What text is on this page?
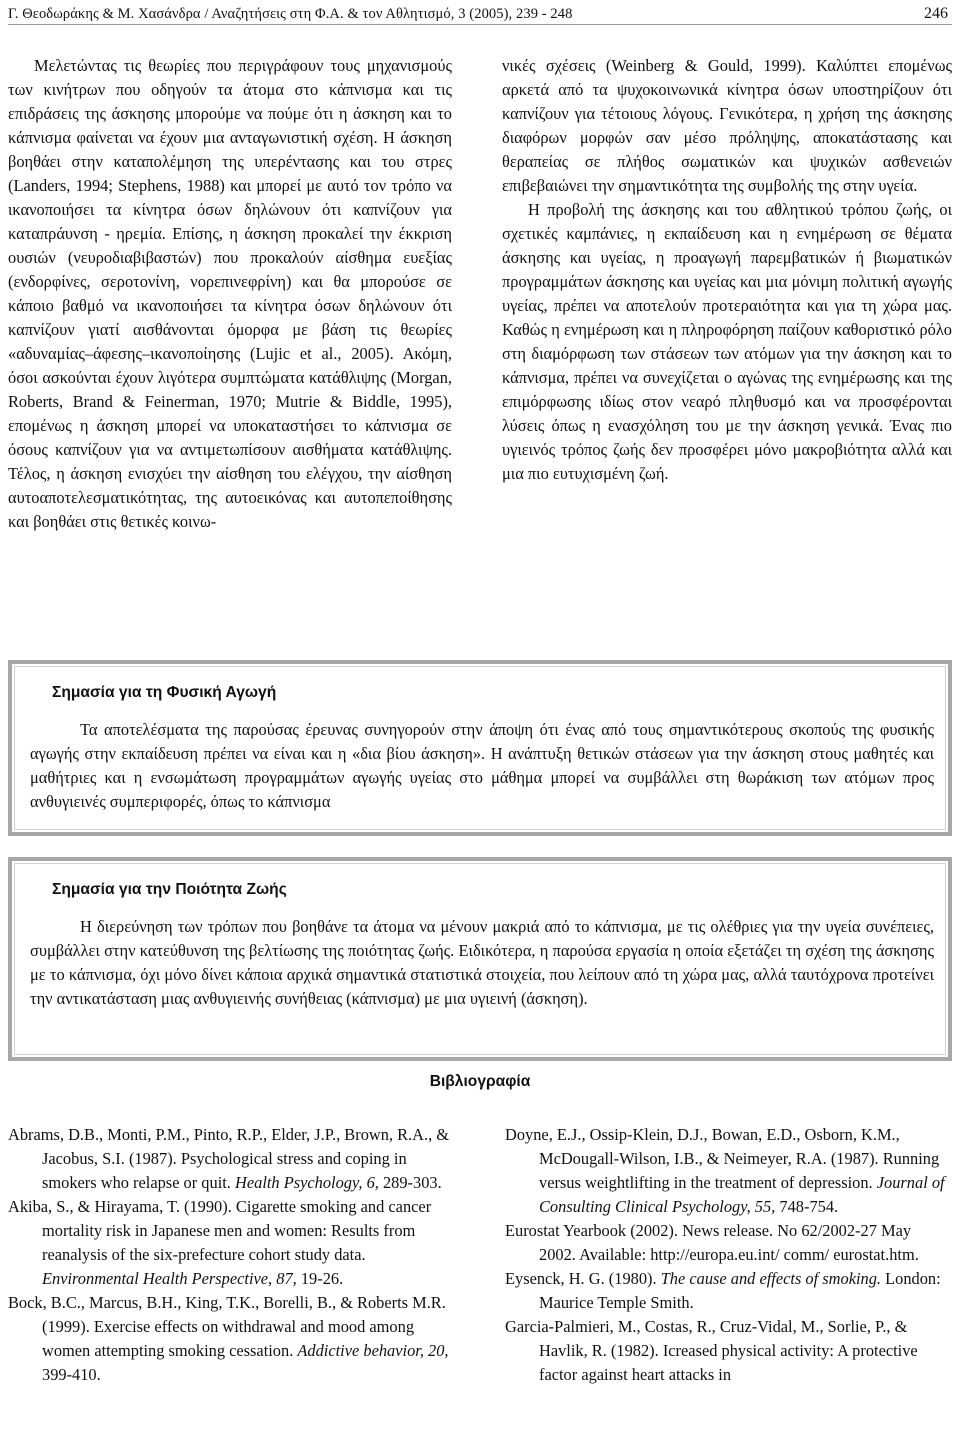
Γ. Θεοδωράκης & Μ. Χασάνδρα / Αναζητήσεις στη Φ.Α. & τον Αθλητισμό, 3 (2005), 239 - 248	246

Μελετώντας τις θεωρίες που περιγράφουν τους μηχανισμούς των κινήτρων που οδηγούν τα άτομα στο κάπνισμα και τις επιδράσεις της άσκησης μπορούμε να πούμε ότι η άσκηση και το κάπνισμα φαίνεται να έχουν μια ανταγωνιστική σχέση. Η άσκηση βοηθάει στην καταπολέμηση της υπερέντασης και του στρες (Landers, 1994; Stephens, 1988) και μπορεί με αυτό τον τρόπο να ικανοποιήσει τα κίνητρα όσων δηλώνουν ότι καπνίζουν για καταπράυνση - ηρεμία. Επίσης, η άσκηση προκαλεί την έκκριση ουσιών (νευροδιαβιβαστών) που προκαλούν αίσθημα ευεξίας (ενδορφίνες, σεροτονίνη, νορεπινεφρίνη) και θα μπορούσε σε κάποιο βαθμό να ικανοποιήσει τα κίνητρα όσων δηλώνουν ότι καπνίζουν γιατί αισθάνονται όμορφα με βάση τις θεωρίες «αδυναμίας–άφεσης–ικανοποίησης (Lujic et al., 2005). Ακόμη, όσοι ασκούνται έχουν λιγότερα συμπτώματα κατάθλιψης (Morgan, Roberts, Brand & Feinerman, 1970; Mutrie & Biddle, 1995), επομένως η άσκηση μπορεί να υποκαταστήσει το κάπνισμα σε όσους καπνίζουν για να αντιμετωπίσουν αισθήματα κατάθλιψης. Τέλος, η άσκηση ενισχύει την αίσθηση του ελέγχου, την αίσθηση αυτοαποτελεσματικότητας, της αυτοεικόνας και αυτοπεποίθησης και βοηθάει στις θετικές κοινω-

νικές σχέσεις (Weinberg & Gould, 1999). Καλύπτει επομένως αρκετά από τα ψυχοκοινωνικά κίνητρα όσων υποστηρίζουν ότι καπνίζουν για τέτοιους λόγους. Γενικότερα, η χρήση της άσκησης διαφόρων μορφών σαν μέσο πρόληψης, αποκατάστασης και θεραπείας σε πλήθος σωματικών και ψυχικών ασθενειών επιβεβαιώνει την σημαντικότητα της συμβολής της στην υγεία.

Η προβολή της άσκησης και του αθλητικού τρόπου ζωής, οι σχετικές καμπάνιες, η εκπαίδευση και η ενημέρωση σε θέματα άσκησης και υγείας, η προαγωγή παρεμβατικών ή βιωματικών προγραμμάτων άσκησης και υγείας και μια μόνιμη πολιτική αγωγής υγείας, πρέπει να αποτελούν προτεραιότητα και για τη χώρα μας. Καθώς η ενημέρωση και η πληροφόρηση παίζουν καθοριστικό ρόλο στη διαμόρφωση των στάσεων των ατόμων για την άσκηση και το κάπνισμα, πρέπει να συνεχίζεται ο αγώνας της ενημέρωσης και της επιμόρφωσης ιδίως στον νεαρό πληθυσμό και να προσφέρονται λύσεις όπως η ενασχόληση του με την άσκηση γενικά. Ένας πιο υγιεινός τρόπος ζωής δεν προσφέρει μόνο μακροβιότητα αλλά και μια πιο ευτυχισμένη ζωή.

Σημασία για τη Φυσική Αγωγή

Τα αποτελέσματα της παρούσας έρευνας συνηγορούν στην άποψη ότι ένας από τους σημαντικότερους σκοπούς της φυσικής αγωγής στην εκπαίδευση πρέπει να είναι και η «δια βίου άσκηση». Η ανάπτυξη θετικών στάσεων για την άσκηση στους μαθητές και μαθήτριες και η ενσωμάτωση προγραμμάτων αγωγής υγείας στο μάθημα μπορεί να συμβάλλει στη θωράκιση των ατόμων προς ανθυγιεινές συμπεριφορές, όπως το κάπνισμα

Σημασία για την Ποιότητα Ζωής

Η διερεύνηση των τρόπων που βοηθάνε τα άτομα να μένουν μακριά από το κάπνισμα, με τις ολέθριες για την υγεία συνέπειες, συμβάλλει στην κατεύθυνση της βελτίωσης της ποιότητας ζωής. Ειδικότερα, η παρούσα εργασία η οποία εξετάζει τη σχέση της άσκησης με το κάπνισμα, όχι μόνο δίνει κάποια αρχικά σημαντικά στατιστικά στοιχεία, που λείπουν από τη χώρα μας, αλλά ταυτόχρονα προτείνει την αντικατάσταση μιας ανθυγιεινής συνήθειας (κάπνισμα) με μια υγιεινή (άσκηση).

Βιβλιογραφία
Abrams, D.B., Monti, P.M., Pinto, R.P., Elder, J.P., Brown, R.A., & Jacobus, S.I. (1987). Psychological stress and coping in smokers who relapse or quit. Health Psychology, 6, 289-303.
Akiba, S., & Hirayama, T. (1990). Cigarette smoking and cancer mortality risk in Japanese men and women: Results from reanalysis of the six-prefecture cohort study data. Environmental Health Perspective, 87, 19-26.
Bock, B.C., Marcus, B.H., King, T.K., Borelli, B., & Roberts M.R. (1999). Exercise effects on withdrawal and mood among women attempting smoking cessation. Addictive behavior, 20, 399-410.
Doyne, E.J., Ossip-Klein, D.J., Bowan, E.D., Osborn, K.M., McDougall-Wilson, I.B., & Neimeyer, R.A. (1987). Running versus weightlifting in the treatment of depression. Journal of Consulting Clinical Psychology, 55, 748-754.
Eurostat Yearbook (2002). News release. No 62/2002-27 May 2002. Available: http://europa.eu.int/ comm/ eurostat.htm.
Eysenck, H. G. (1980). The cause and effects of smoking. London: Maurice Temple Smith.
Garcia-Palmieri, M., Costas, R., Cruz-Vidal, M., Sorlie, P., & Havlik, R. (1982). Icreased physical activity: A protective factor against heart attacks in
